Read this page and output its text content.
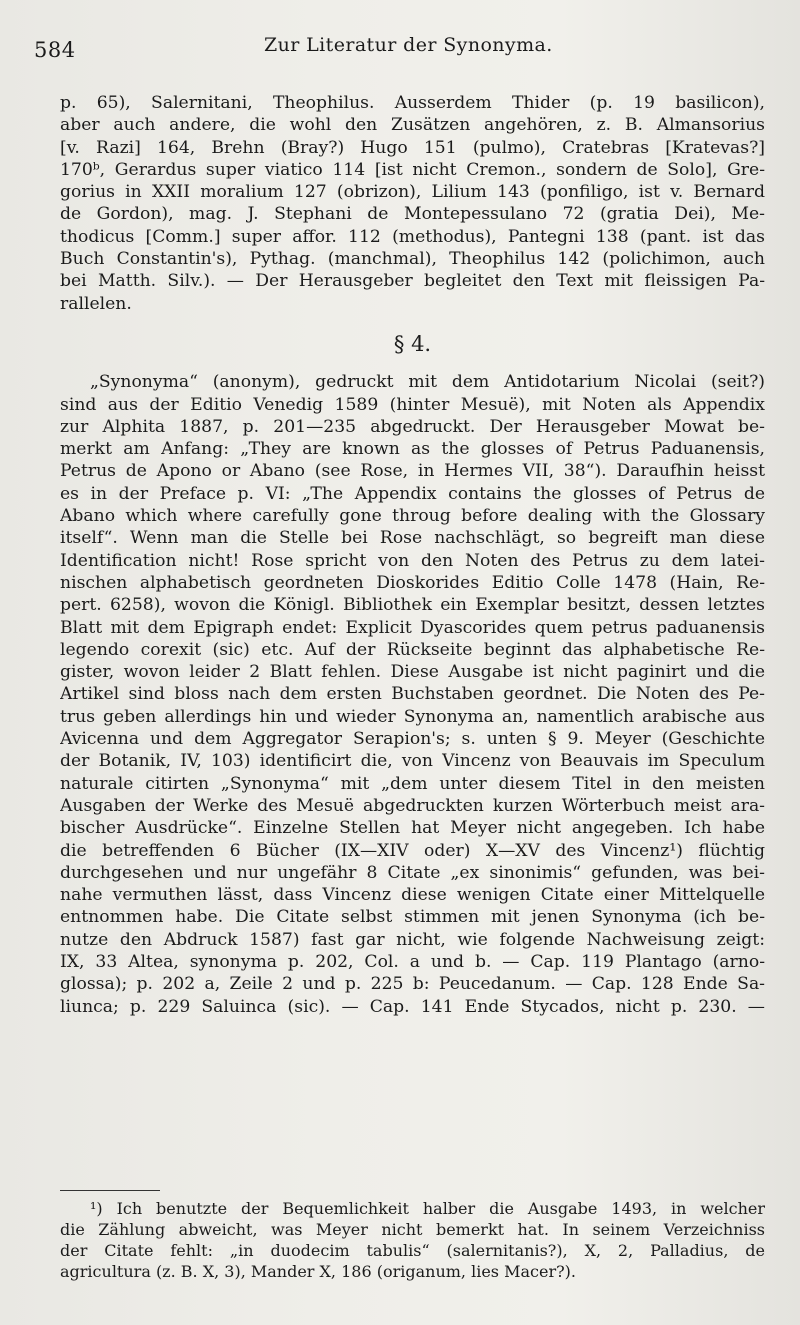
584	Zur Literatur der Synonyma.

p. 65), Salernitani, Theophilus. Ausserdem Thider (p. 19 basilicon),
aber auch andere, die wohl den Zusätzen angehören, z. B. Almansorius
[v. Razi] 164, Brehn (Bray?) Hugo 151 (pulmo), Cratebras [Kratevas?]
170ᵇ, Gerardus super viatico 114 [ist nicht Cremon., sondern de Solo], Gre-
gorius in XXII moralium 127 (obrizon), Lilium 143 (ponfiligo, ist v. Bernard
de Gordon), mag. J. Stephani de Montepessulano 72 (gratia Dei), Me-
thodicus [Comm.] super affor. 112 (methodus), Pantegni 138 (pant. ist das
Buch Constantin's), Pythag. (manchmal), Theophilus 142 (polichimon, auch
bei Matth. Silv.). — Der Herausgeber begleitet den Text mit fleissigen Pa-
rallelen.

§ 4.

„Synonyma“ (anonym), gedruckt mit dem Antidotarium Nicolai (seit?)
sind aus der Editio Venedig 1589 (hinter Mesuë), mit Noten als Appendix
zur Alphita 1887, p. 201—235 abgedruckt. Der Herausgeber Mowat be-
merkt am Anfang: „They are known as the glosses of Petrus Paduanensis,
Petrus de Apono or Abano (see Rose, in Hermes VII, 38“). Daraufhin heisst
es in der Preface p. VI: „The Appendix contains the glosses of Petrus de
Abano which where carefully gone throug before dealing with the Glossary
itself“. Wenn man die Stelle bei Rose nachschlägt, so begreift man diese
Identification nicht! Rose spricht von den Noten des Petrus zu dem latei-
nischen alphabetisch geordneten Dioskorides Editio Colle 1478 (Hain, Re-
pert. 6258), wovon die Königl. Bibliothek ein Exemplar besitzt, dessen letztes
Blatt mit dem Epigraph endet: Explicit Dyascorides quem petrus paduanensis
legendo corexit (sic) etc. Auf der Rückseite beginnt das alphabetische Re-
gister, wovon leider 2 Blatt fehlen. Diese Ausgabe ist nicht paginirt und die
Artikel sind bloss nach dem ersten Buchstaben geordnet. Die Noten des Pe-
trus geben allerdings hin und wieder Synonyma an, namentlich arabische aus
Avicenna und dem Aggregator Serapion's; s. unten § 9. Meyer (Geschichte
der Botanik, IV, 103) identificirt die, von Vincenz von Beauvais im Speculum
naturale citirten „Synonyma“ mit „dem unter diesem Titel in den meisten
Ausgaben der Werke des Mesuë abgedruckten kurzen Wörterbuch meist ara-
bischer Ausdrücke“. Einzelne Stellen hat Meyer nicht angegeben. Ich habe
die betreffenden 6 Bücher (IX—XIV oder) X—XV des Vincenz¹) flüchtig
durchgesehen und nur ungefähr 8 Citate „ex sinonimis“ gefunden, was bei-
nahe vermuthen lässt, dass Vincenz diese wenigen Citate einer Mittelquelle
entnommen habe. Die Citate selbst stimmen mit jenen Synonyma (ich be-
nutze den Abdruck 1587) fast gar nicht, wie folgende Nachweisung zeigt:
IX, 33 Altea, synonyma p. 202, Col. a und b. — Cap. 119 Plantago (arno-
glossa); p. 202 a, Zeile 2 und p. 225 b: Peucedanum. — Cap. 128 Ende Sa-
liunca; p. 229 Saluinca (sic). — Cap. 141 Ende Stycados, nicht p. 230. —

¹) Ich benutzte der Bequemlichkeit halber die Ausgabe 1493, in welcher
die Zählung abweicht, was Meyer nicht bemerkt hat. In seinem Verzeichniss
der Citate fehlt: „in duodecim tabulis“ (salernitanis?), X, 2, Palladius, de
agricultura (z. B. X, 3), Mander X, 186 (origanum, lies Macer?).
